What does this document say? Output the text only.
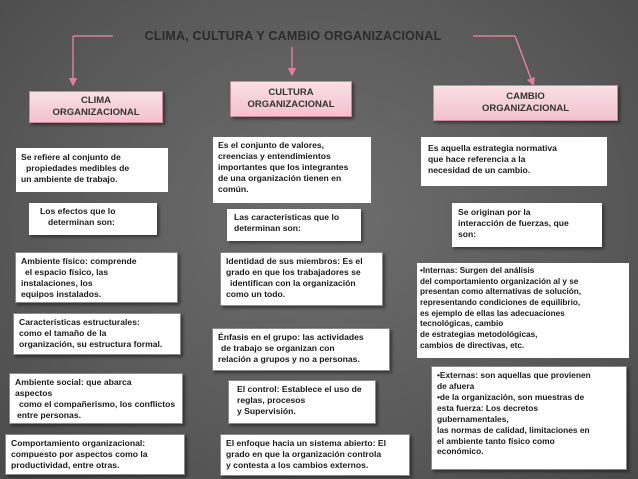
CLIMA, CULTURA Y CAMBIO ORGANIZACIONAL
CLIMA
ORGANIZACIONAL

Se refiere al conjunto de

propiedades medibles de

un ambiente de trabajo.

Los efectos que lo

determinan son:

Ambiente físico: comprende

el espacio físico, las

instalaciones, los

equipos instalados.

Características estructurales:

como el tamaño de la

organización, su estructura formal.

Ambiente social: que abarca

aspectos

como el compañerismo, los conflictos

entre personas.

Comportamiento organizacional:

compuesto por aspectos como la

productividad, entre otras.

CULTURA
ORGANIZACIONAL

Es el conjunto de valores,

creencias y entendimientos

importantes que los integrantes

de una organización tienen en

común.

Las características que lo

determinan son:

Identidad de sus miembros: Es el

grado en que los trabajadores se

identifican con la organización

como un todo.

Énfasis en el grupo: las actividades

de trabajo se organizan con

relación a grupos y no a personas.

El control: Establece el uso de

reglas, procesos

y Supervisión.

El enfoque hacia un sistema abierto: El

grado en que la organización controla

y contesta a los cambios externos.

CAMBIO
ORGANIZACIONAL

Es aquella estrategia normativa

que hace referencia a la

necesidad de un cambio.

Se originan por la

interacción de fuerzas, que

son:

•Internas: Surgen del análisis

del comportamiento organización al y se

presentan como alternativas de solución,

representando condiciones de equilibrio,

es ejemplo de ellas las adecuaciones

tecnológicas, cambio

de estrategias metodológicas,

cambios de directivas, etc.

•Externas: son aquellas que provienen

de afuera

•de la organización, son muestras de

esta fuerza: Los decretos

gubernamentales,

las normas de calidad, limitaciones en

el ambiente tanto físico como

económico.
